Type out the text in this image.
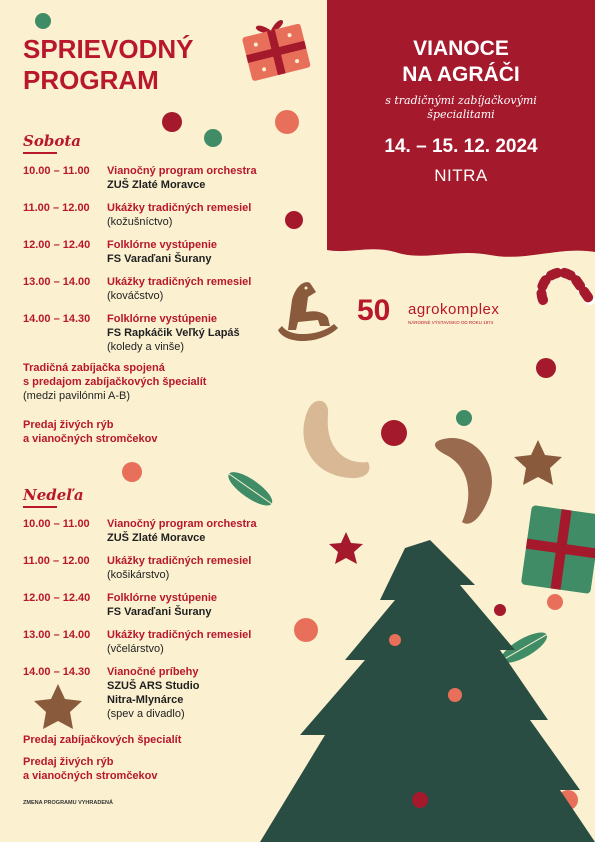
SPRIEVODNÝ
PROGRAM
VIANOCE
NA AGRÁČI
s tradičnými zabíjačkovými
špecialitami
14. – 15. 12. 2024
NITRA
Sobota
10.00 – 11.00	Vianočný program orchestra
ZUŠ Zlaté Moravce
11.00 – 12.00	Ukážky tradičných remesiel
(kožušníctvo)
12.00 – 12.40	Folklórne vystúpenie
FS Varaďani Šurany
13.00 – 14.00	Ukážky tradičných remesiel
(kováčstvo)
14.00 – 14.30	Folklórne vystúpenie
FS Rapkáčik Veľký Lapáš
(koledy a vinše)
Tradičná zabíjačka spojená
s predajom zabíjačkových špecialít
(medzi pavilónmi A-B)
Predaj živých rýb
a vianočných stromčekov
Nedeľa
10.00 – 11.00	Vianočný program orchestra
ZUŠ Zlaté Moravce
11.00 – 12.00	Ukážky tradičných remesiel
(košikárstvo)
12.00 – 12.40	Folklórne vystúpenie
FS Varaďani Šurany
13.00 – 14.00	Ukážky tradičných remesiel
(včelárstvo)
14.00 – 14.30	Vianočné príbehy
SZUŠ ARS Studio
Nitra-Mlynárce
(spev a divadlo)
Predaj zabíjačkových špecialít
Predaj živých rýb
a vianočných stromčekov
50 agrokomplex
NÁRODNÉ VÝSTAVISKO OD ROKU 1974
ZMENA PROGRAMU VYHRADENÁ
